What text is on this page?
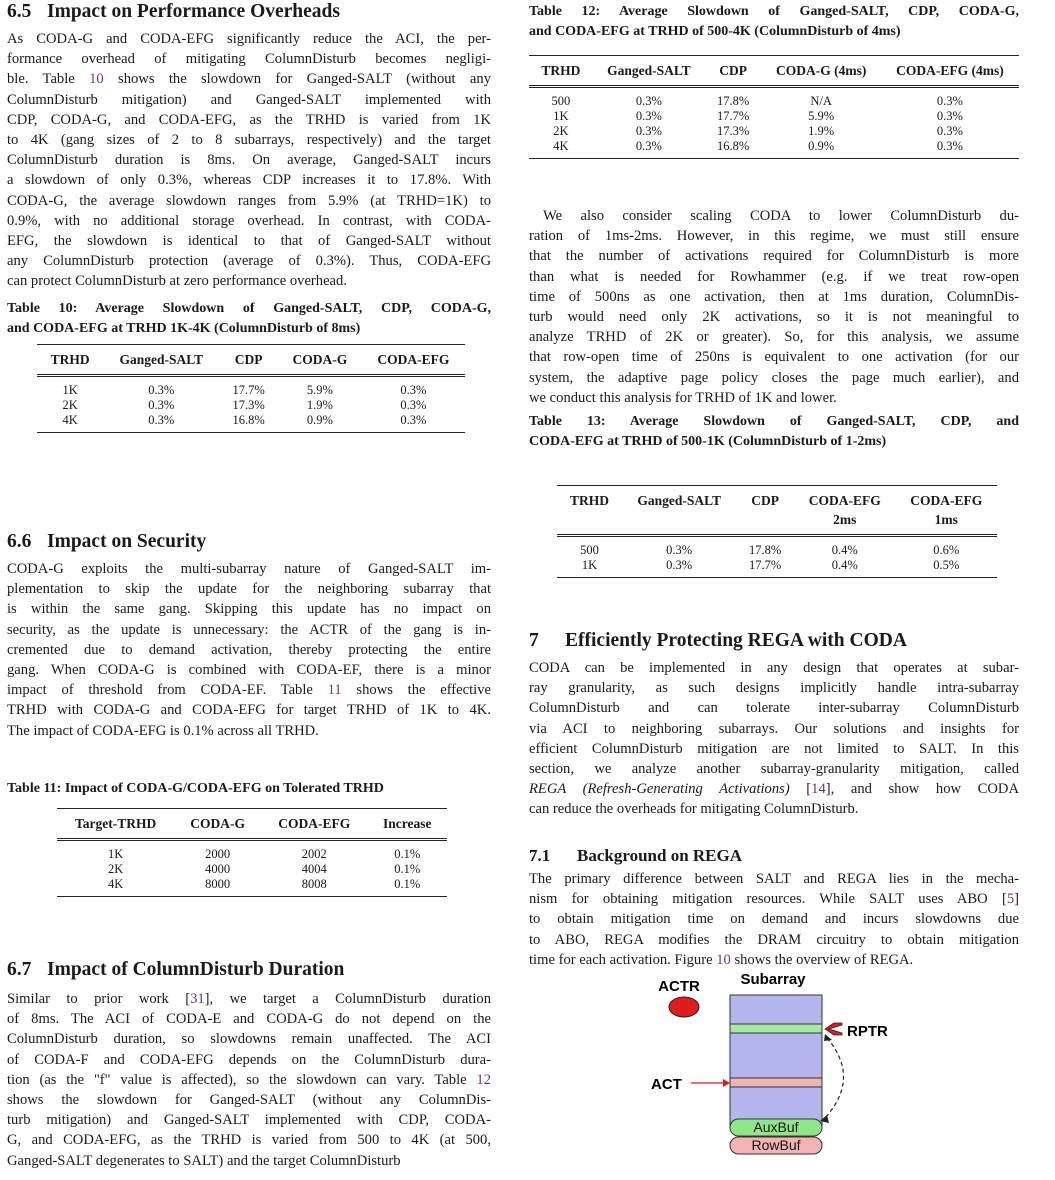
6.5 Impact on Performance Overheads

As CODA-G and CODA-EFG significantly reduce the ACI, the per-
formance overhead of mitigating ColumnDisturb becomes negligi-
ble. Table 10 shows the slowdown for Ganged-SALT (without any
ColumnDisturb mitigation) and Ganged-SALT implemented with
CDP, CODA-G, and CODA-EFG, as the TRHD is varied from 1K
to 4K (gang sizes of 2 to 8 subarrays, respectively) and the target
ColumnDisturb duration is 8ms. On average, Ganged-SALT incurs
a slowdown of only 0.3%, whereas CDP increases it to 17.8%. With
CODA-G, the average slowdown ranges from 5.9% (at TRHD=1K) to
0.9%, with no additional storage overhead. In contrast, with CODA-
EFG, the slowdown is identical to that of Ganged-SALT without
any ColumnDisturb protection (average of 0.3%). Thus, CODA-EFG
can protect ColumnDisturb at zero performance overhead.

Table 10: Average Slowdown of Ganged-SALT, CDP, CODA-G,
and CODA-EFG at TRHD 1K-4K (ColumnDisturb of 8ms)

TRHD	Ganged-SALT	CDP	CODA-G	CODA-EFG
1K	0.3%	17.7%	5.9%	0.3%
2K	0.3%	17.3%	1.9%	0.3%
4K	0.3%	16.8%	0.9%	0.3%
6.6 Impact on Security

CODA-G exploits the multi-subarray nature of Ganged-SALT im-
plementation to skip the update for the neighboring subarray that
is within the same gang. Skipping this update has no impact on
security, as the update is unnecessary: the ACTR of the gang is in-
cremented due to demand activation, thereby protecting the entire
gang. When CODA-G is combined with CODA-EF, there is a minor
impact of threshold from CODA-EF. Table 11 shows the effective
TRHD with CODA-G and CODA-EFG for target TRHD of 1K to 4K.
The impact of CODA-EFG is 0.1% across all TRHD.

Table 11: Impact of CODA-G/CODA-EFG on Tolerated TRHD

Target-TRHD	CODA-G	CODA-EFG	Increase
1K	2000	2002	0.1%
2K	4000	4004	0.1%
4K	8000	8008	0.1%
6.7 Impact of ColumnDisturb Duration

Similar to prior work [31], we target a ColumnDisturb duration
of 8ms. The ACI of CODA-E and CODA-G do not depend on the
ColumnDisturb duration, so slowdowns remain unaffected. The ACI
of CODA-F and CODA-EFG depends on the ColumnDisturb dura-
tion (as the "f" value is affected), so the slowdown can vary. Table 12
shows the slowdown for Ganged-SALT (without any ColumnDis-
turb mitigation) and Ganged-SALT implemented with CDP, CODA-
G, and CODA-EFG, as the TRHD is varied from 500 to 4K (at 500,
Ganged-SALT degenerates to SALT) and the target ColumnDisturb

Table 12: Average Slowdown of Ganged-SALT, CDP, CODA-G,
and CODA-EFG at TRHD of 500-4K (ColumnDisturb of 4ms)

TRHD	Ganged-SALT	CDP	CODA-G (4ms)	CODA-EFG (4ms)
500	0.3%	17.8%	N/A	0.3%
1K	0.3%	17.7%	5.9%	0.3%
2K	0.3%	17.3%	1.9%	0.3%
4K	0.3%	16.8%	0.9%	0.3%

We also consider scaling CODA to lower ColumnDisturb du-
ration of 1ms-2ms. However, in this regime, we must still ensure
that the number of activations required for ColumnDisturb is more
than what is needed for Rowhammer (e.g. if we treat row-open
time of 500ns as one activation, then at 1ms duration, ColumnDis-
turb would need only 2K activations, so it is not meaningful to
analyze TRHD of 2K or greater). So, for this analysis, we assume
that row-open time of 250ns is equivalent to one activation (for our
system, the adaptive page policy closes the page much earlier), and
we conduct this analysis for TRHD of 1K and lower.

Table 13: Average Slowdown of Ganged-SALT, CDP, and
CODA-EFG at TRHD of 500-1K (ColumnDisturb of 1-2ms)

TRHD	Ganged-SALT	CDP	CODA-EFG	CODA-EFG
			2ms	1ms
500	0.3%	17.8%	0.4%	0.6%
1K	0.3%	17.7%	0.4%	0.5%
7 Efficiently Protecting REGA with CODA

CODA can be implemented in any design that operates at subar-
ray granularity, as such designs implicitly handle intra-subarray
ColumnDisturb and can tolerate inter-subarray ColumnDisturb
via ACI to neighboring subarrays. Our solutions and insights for
efficient ColumnDisturb mitigation are not limited to SALT. In this
section, we analyze another subarray-granularity mitigation, called
REGA (Refresh-Generating Activations) [14], and show how CODA
can reduce the overheads for mitigating ColumnDisturb.

7.1 Background on REGA

The primary difference between SALT and REGA lies in the mecha-
nism for obtaining mitigation resources. While SALT uses ABO [5]
to obtain mitigation time on demand and incurs slowdowns due
to ABO, REGA modifies the DRAM circuitry to obtain mitigation
time for each activation. Figure 10 shows the overview of REGA.

ACTR	Subarray
RPTR
ACT
AuxBuf
RowBuf
